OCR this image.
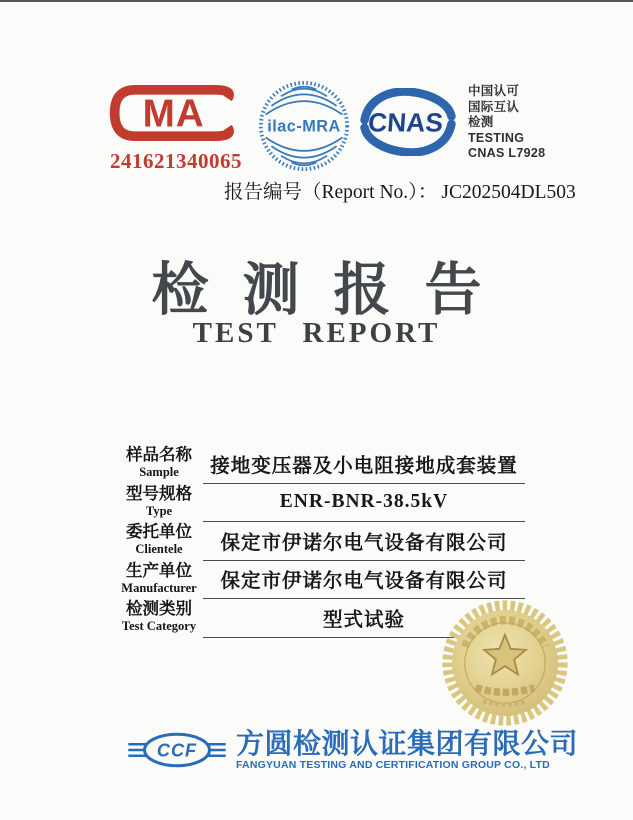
MA
241621340065
ilac-MRA CNAS
中国认可
国际互认
检测
TESTING
CNAS L7928
报告编号（Report No.）： JC202504DL503
检测报告
TEST REPORT
样品名称
Sample	接地变压器及小电阻接地成套装置
型号规格
Type	ENR-BNR-38.5kV
委托单位
Clientele	保定市伊诺尔电气设备有限公司
生产单位
Manufacturer	保定市伊诺尔电气设备有限公司
检测类别
Test Category	型式试验
CCF 方圆检测认证集团有限公司
FANGYUAN TESTING AND CERTIFICATION GROUP CO., LTD
